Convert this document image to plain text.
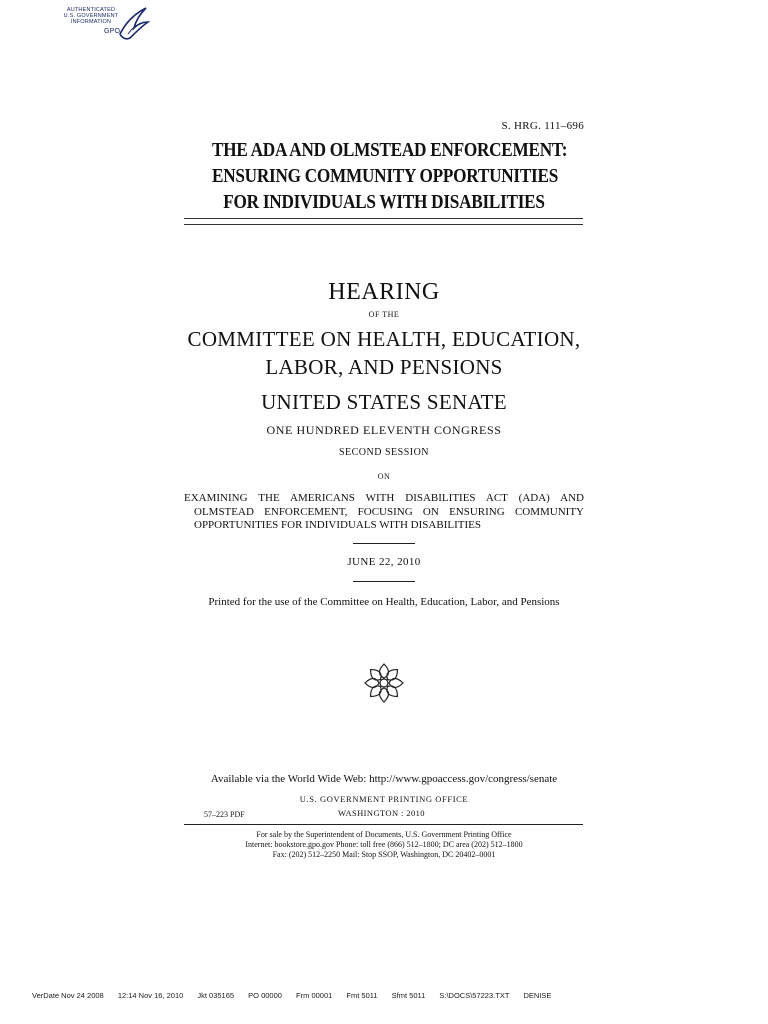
AUTHENTICATED
U.S. GOVERNMENT
INFORMATION
GPO
S. HRG. 111–696
THE ADA AND OLMSTEAD ENFORCEMENT:
ENSURING COMMUNITY OPPORTUNITIES
FOR INDIVIDUALS WITH DISABILITIES
HEARING
OF THE
COMMITTEE ON HEALTH, EDUCATION,
LABOR, AND PENSIONS
UNITED STATES SENATE
ONE HUNDRED ELEVENTH CONGRESS
SECOND SESSION
ON
EXAMINING THE AMERICANS WITH DISABILITIES ACT (ADA) AND
OLMSTEAD ENFORCEMENT, FOCUSING ON ENSURING COMMUNITY
OPPORTUNITIES FOR INDIVIDUALS WITH DISABILITIES
JUNE 22, 2010
Printed for the use of the Committee on Health, Education, Labor, and Pensions
Available via the World Wide Web: http://www.gpoaccess.gov/congress/senate
U.S. GOVERNMENT PRINTING OFFICE
57–223 PDF	WASHINGTON : 2010
For sale by the Superintendent of Documents, U.S. Government Printing Office
Internet: bookstore.gpo.gov Phone: toll free (866) 512–1800; DC area (202) 512–1800
Fax: (202) 512–2250 Mail: Stop SSOP, Washington, DC 20402–0001
VerDate Nov 24 2008 12:14 Nov 16, 2010 Jkt 035165 PO 00000 Frm 00001 Fmt 5011 Sfmt 5011 S:\DOCS\57223.TXT DENISE
